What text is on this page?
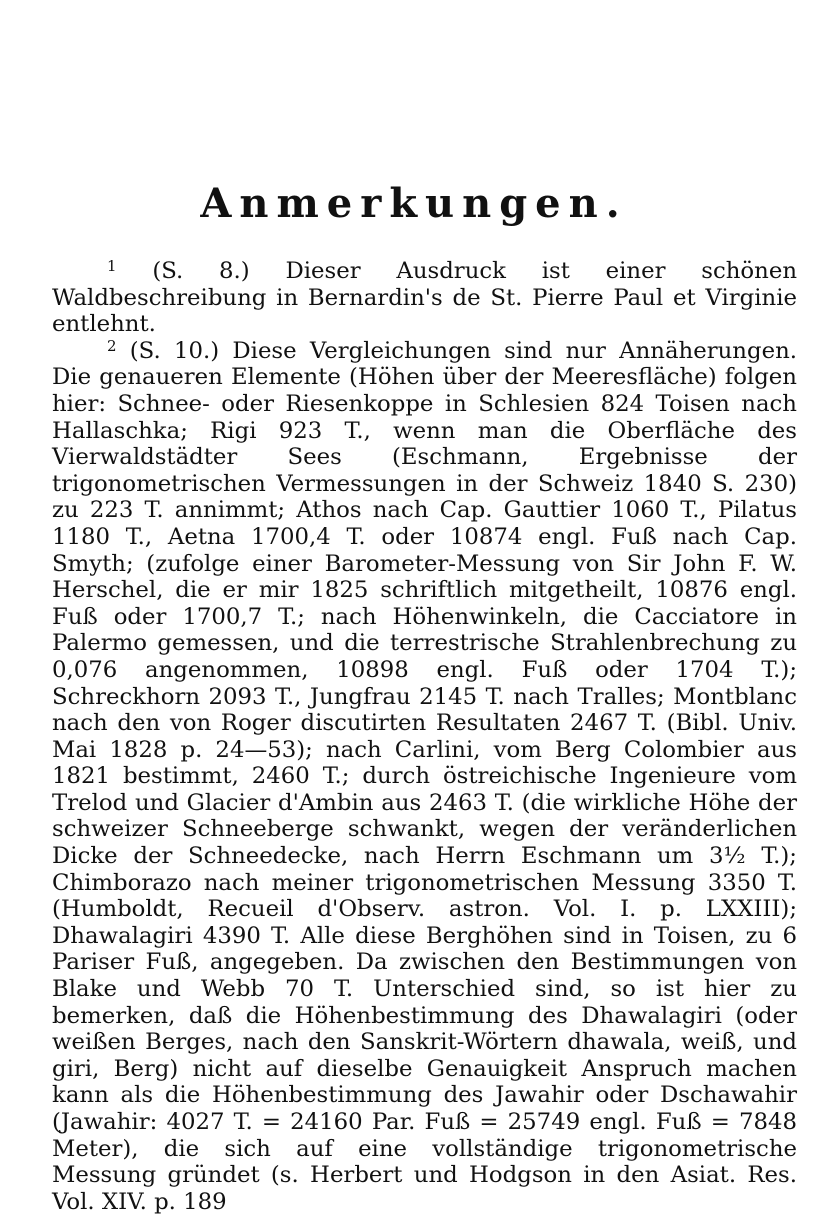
Anmerkungen.

$^1$ (S. 8.) Dieser Ausdruck ist einer schönen Waldbeschreibung in Bernardin's de St. Pierre Paul et Virginie entlehnt.

$^2$ (S. 10.) Diese Vergleichungen sind nur Annäherungen. Die genaueren Elemente (Höhen über der Meeresfläche) folgen hier: Schnee- oder Riesenkoppe in Schlesien 824 Toisen nach Hallaschka; Rigi 923 T., wenn man die Oberfläche des Vierwaldstädter Sees (Eschmann, Ergebnisse der trigonometrischen Vermessungen in der Schweiz 1840 S. 230) zu 223 T. annimmt; Athos nach Cap. Gauttier 1060 T., Pilatus 1180 T., Aetna 1700,4 T. oder 10874 engl. Fuß nach Cap. Smyth; (zufolge einer Barometer-Messung von Sir John F. W. Herschel, die er mir 1825 schriftlich mitgetheilt, 10876 engl. Fuß oder 1700,7 T.; nach Höhenwinkeln, die Cacciatore in Palermo gemessen, und die terrestrische Strahlenbrechung zu 0,076 angenommen, 10898 engl. Fuß oder 1704 T.); Schreckhorn 2093 T., Jungfrau 2145 T. nach Tralles; Montblanc nach den von Roger discutirten Resultaten 2467 T. (Bibl. Univ. Mai 1828 p. 24—53); nach Carlini, vom Berg Colombier aus 1821 bestimmt, 2460 T.; durch östreichische Ingenieure vom Trelod und Glacier d'Ambin aus 2463 T. (die wirkliche Höhe der schweizer Schneeberge schwankt, wegen der veränderlichen Dicke der Schneedecke, nach Herrn Eschmann um 3½ T.); Chimborazo nach meiner trigonometrischen Messung 3350 T. (Humboldt, Recueil d'Observ. astron. Vol. I. p. LXXIII); Dhawalagiri 4390 T. Alle diese Berghöhen sind in Toisen, zu 6 Pariser Fuß, angegeben. Da zwischen den Bestimmungen von Blake und Webb 70 T. Unterschied sind, so ist hier zu bemerken, daß die Höhenbestimmung des Dhawalagiri (oder weißen Berges, nach den Sanskrit-Wörtern dhawala, weiß, und giri, Berg) nicht auf dieselbe Genauigkeit Anspruch machen kann als die Höhenbestimmung des Jawahir oder Dschawahir (Jawahir: 4027 T. = 24160 Par. Fuß = 25749 engl. Fuß = 7848 Meter), die sich auf eine vollständige trigonometrische Messung gründet (s. Herbert und Hodgson in den Asiat. Res. Vol. XIV. p. 189
